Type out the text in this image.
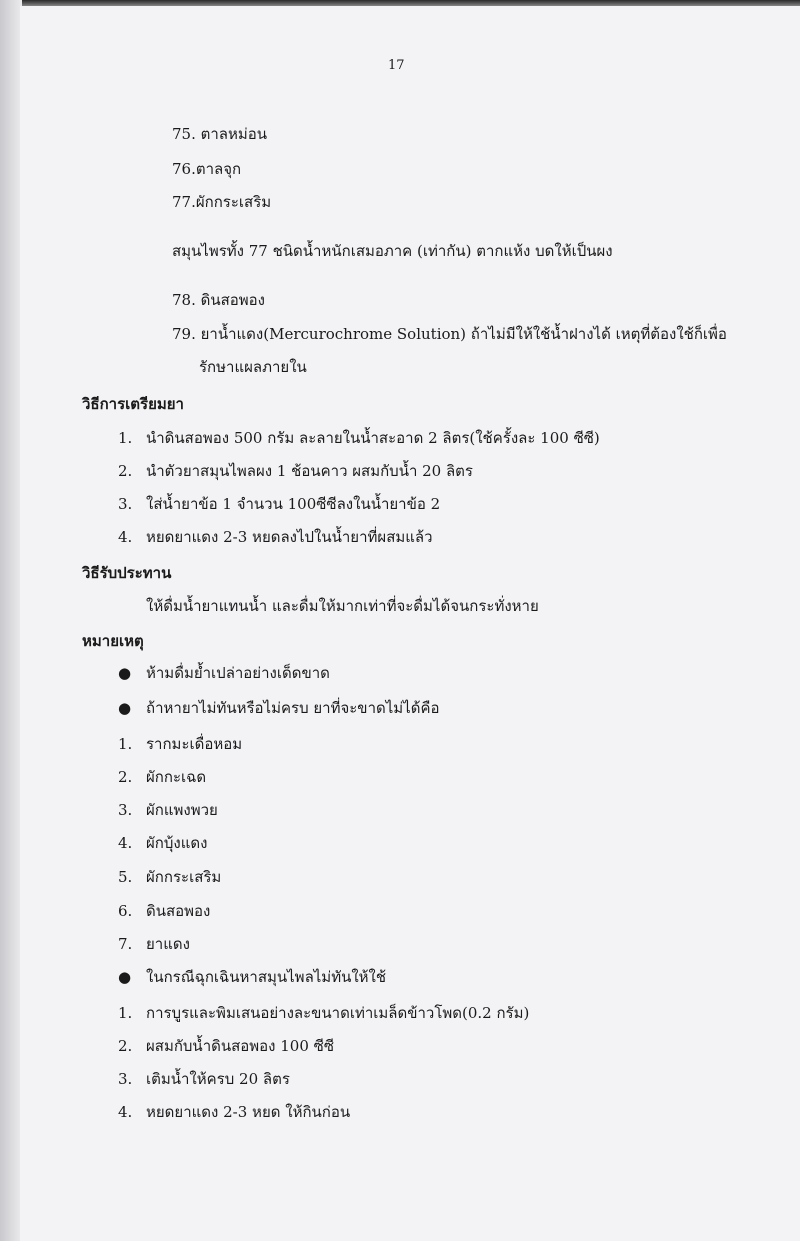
17
75. ตาลหม่อน
76.ตาลจุก
77.ผักกระเสริม
สมุนไพรทั้ง 77 ชนิดน้ำหนักเสมอภาค (เท่ากัน) ตากแห้ง บดให้เป็นผง
78. ดินสอพอง
79. ยาน้ำแดง(Mercurochrome Solution) ถ้าไม่มีให้ใช้น้ำฝางได้ เหตุที่ต้องใช้ก็เพื่อ
รักษาแผลภายใน
วิธีการเตรียมยา
1. นำดินสอพอง 500 กรัม ละลายในน้ำสะอาด 2 ลิตร(ใช้ครั้งละ 100 ซีซี)
2. นำตัวยาสมุนไพลผง 1 ช้อนคาว ผสมกับน้ำ 20 ลิตร
3. ใส่น้ำยาข้อ 1 จำนวน 100ซีซีลงในน้ำยาข้อ 2
4. หยดยาแดง 2-3 หยดลงไปในน้ำยาที่ผสมแล้ว
วิธีรับประทาน
ให้ดื่มน้ำยาแทนน้ำ และดื่มให้มากเท่าที่จะดื่มได้จนกระทั่งหาย
หมายเหตุ
● ห้ามดื่มย้ำเปล่าอย่างเด็ดขาด
● ถ้าหายาไม่ทันหรือไม่ครบ ยาที่จะขาดไม่ได้คือ
1. รากมะเดื่อหอม
2. ผักกะเฉด
3. ผักแพงพวย
4. ผักบุ้งแดง
5. ผักกระเสริม
6. ดินสอพอง
7. ยาแดง
● ในกรณีฉุกเฉินหาสมุนไพลไม่ทันให้ใช้
1. การบูรและพิมเสนอย่างละขนาดเท่าเมล็ดข้าวโพด(0.2 กรัม)
2. ผสมกับน้ำดินสอพอง 100 ซีซี
3. เติมน้ำให้ครบ 20 ลิตร
4. หยดยาแดง 2-3 หยด ให้กินก่อน
